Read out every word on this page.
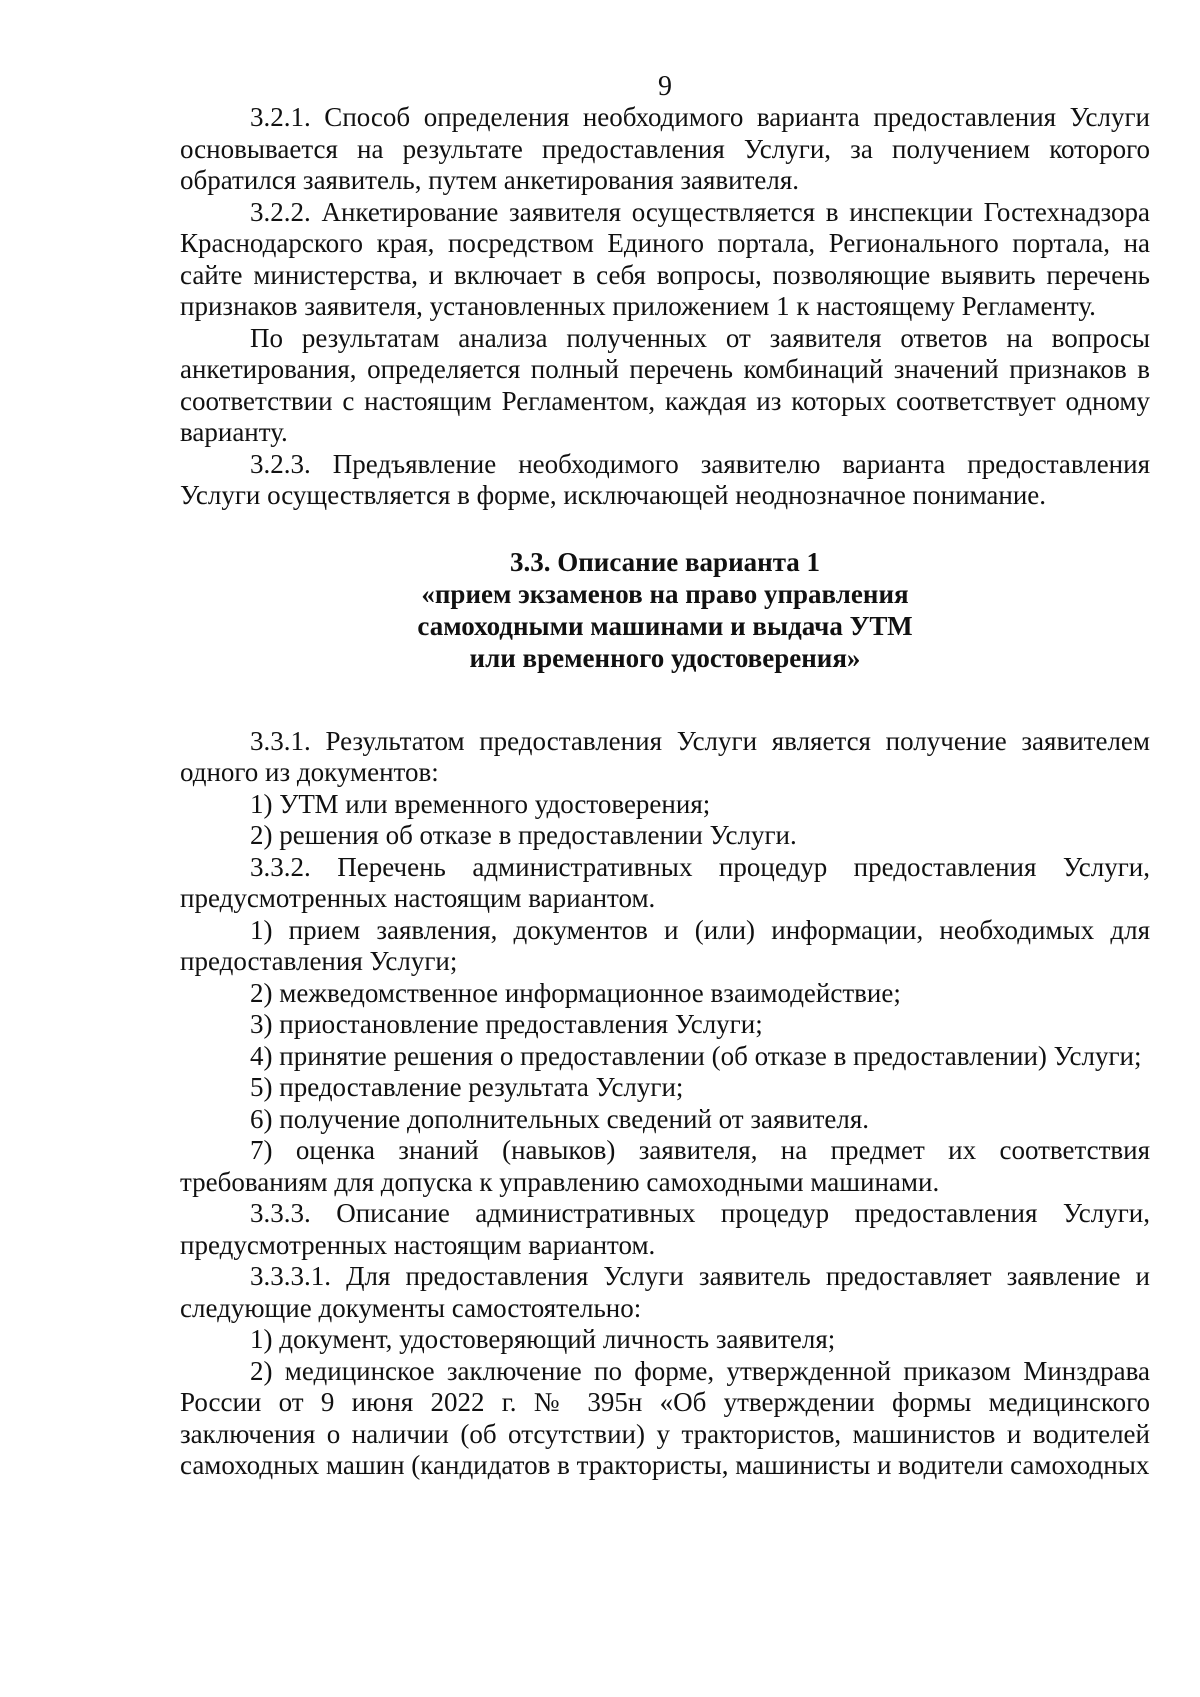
9

3.2.1. Способ определения необходимого варианта предоставления Услуги основывается на результате предоставления Услуги, за получением которого обратился заявитель, путем анкетирования заявителя.

3.2.2. Анкетирование заявителя осуществляется в инспекции Гостехнадзора Краснодарского края, посредством Единого портала, Регионального портала, на сайте министерства, и включает в себя вопросы, позволяющие выявить перечень признаков заявителя, установленных приложением 1 к настоящему Регламенту.

По результатам анализа полученных от заявителя ответов на вопросы анкетирования, определяется полный перечень комбинаций значений признаков в соответствии с настоящим Регламентом, каждая из которых соответствует одному варианту.

3.2.3. Предъявление необходимого заявителю варианта предоставления Услуги осуществляется в форме, исключающей неоднозначное понимание.

3.3. Описание варианта 1
«прием экзаменов на право управления
самоходными машинами и выдача УТМ
или временного удостоверения»

3.3.1. Результатом предоставления Услуги является получение заявителем одного из документов:

1) УТМ или временного удостоверения;

2) решения об отказе в предоставлении Услуги.

3.3.2. Перечень административных процедур предоставления Услуги, предусмотренных настоящим вариантом.

1) прием заявления, документов и (или) информации, необходимых для предоставления Услуги;

2) межведомственное информационное взаимодействие;

3) приостановление предоставления Услуги;

4) принятие решения о предоставлении (об отказе в предоставлении) Услуги;

5) предоставление результата Услуги;

6) получение дополнительных сведений от заявителя.

7) оценка знаний (навыков) заявителя, на предмет их соответствия требованиям для допуска к управлению самоходными машинами.

3.3.3. Описание административных процедур предоставления Услуги, предусмотренных настоящим вариантом.

3.3.3.1. Для предоставления Услуги заявитель предоставляет заявление и следующие документы самостоятельно:

1) документ, удостоверяющий личность заявителя;

2) медицинское заключение по форме, утвержденной приказом Минздрава России от 9 июня 2022 г. № 395н «Об утверждении формы медицинского заключения о наличии (об отсутствии) у трактористов, машинистов и водителей самоходных машин (кандидатов в трактористы, машинисты и водители самоходных
